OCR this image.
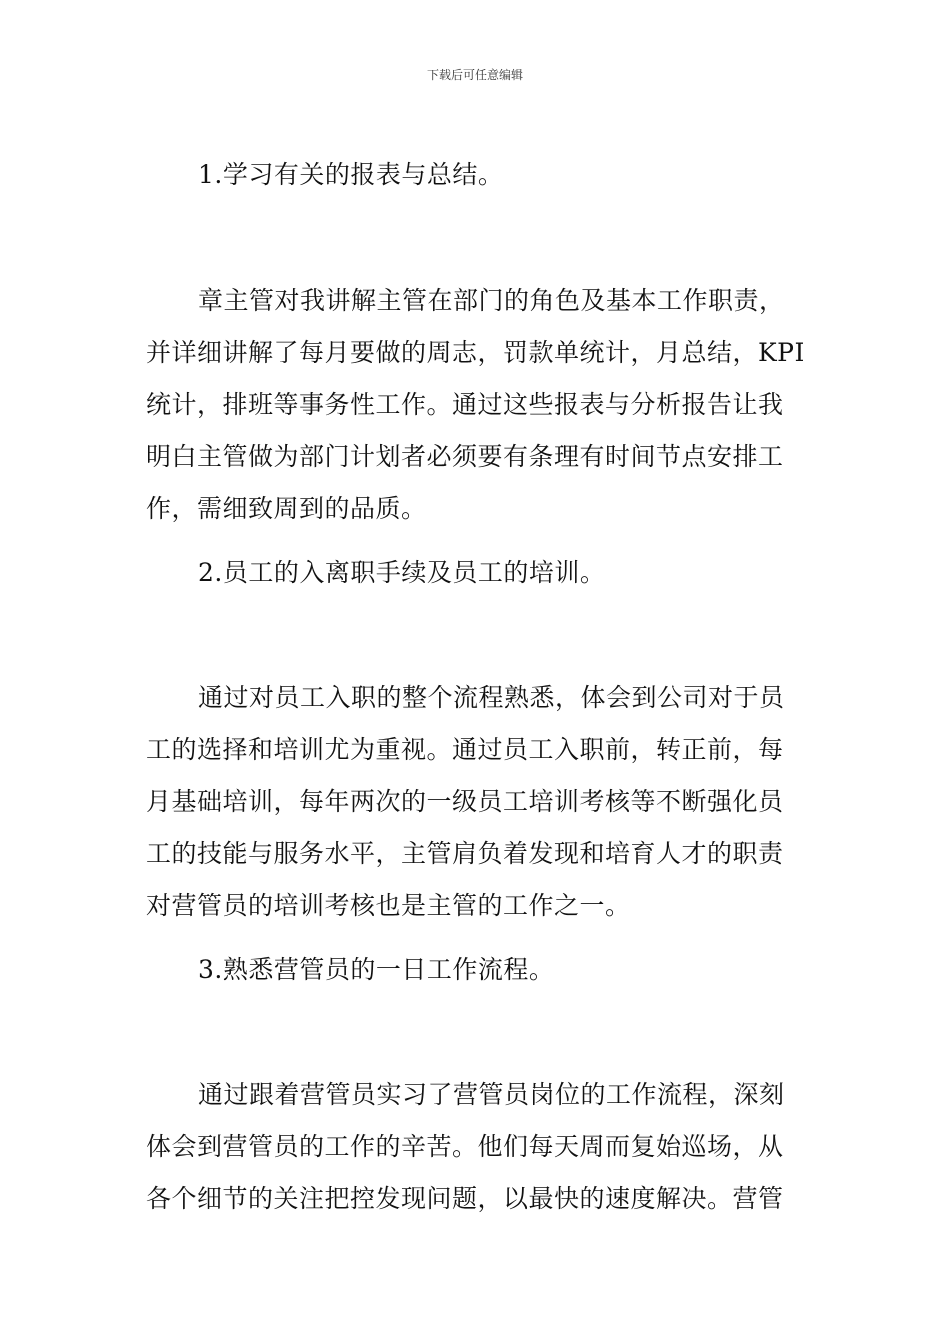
下载后可任意编辑
1.学习有关的报表与总结。
章主管对我讲解主管在部门的角色及基本工作职责，
并详细讲解了每月要做的周志，罚款单统计，月总结，KPI
统计，排班等事务性工作。通过这些报表与分析报告让我
明白主管做为部门计划者必须要有条理有时间节点安排工
作，需细致周到的品质。
2.员工的入离职手续及员工的培训。
通过对员工入职的整个流程熟悉，体会到公司对于员
工的选择和培训尤为重视。通过员工入职前，转正前，每
月基础培训，每年两次的一级员工培训考核等不断强化员
工的技能与服务水平，主管肩负着发现和培育人才的职责
对营管员的培训考核也是主管的工作之一。
3.熟悉营管员的一日工作流程。
通过跟着营管员实习了营管员岗位的工作流程，深刻
体会到营管员的工作的辛苦。他们每天周而复始巡场，从
各个细节的关注把控发现问题，以最快的速度解决。营管
